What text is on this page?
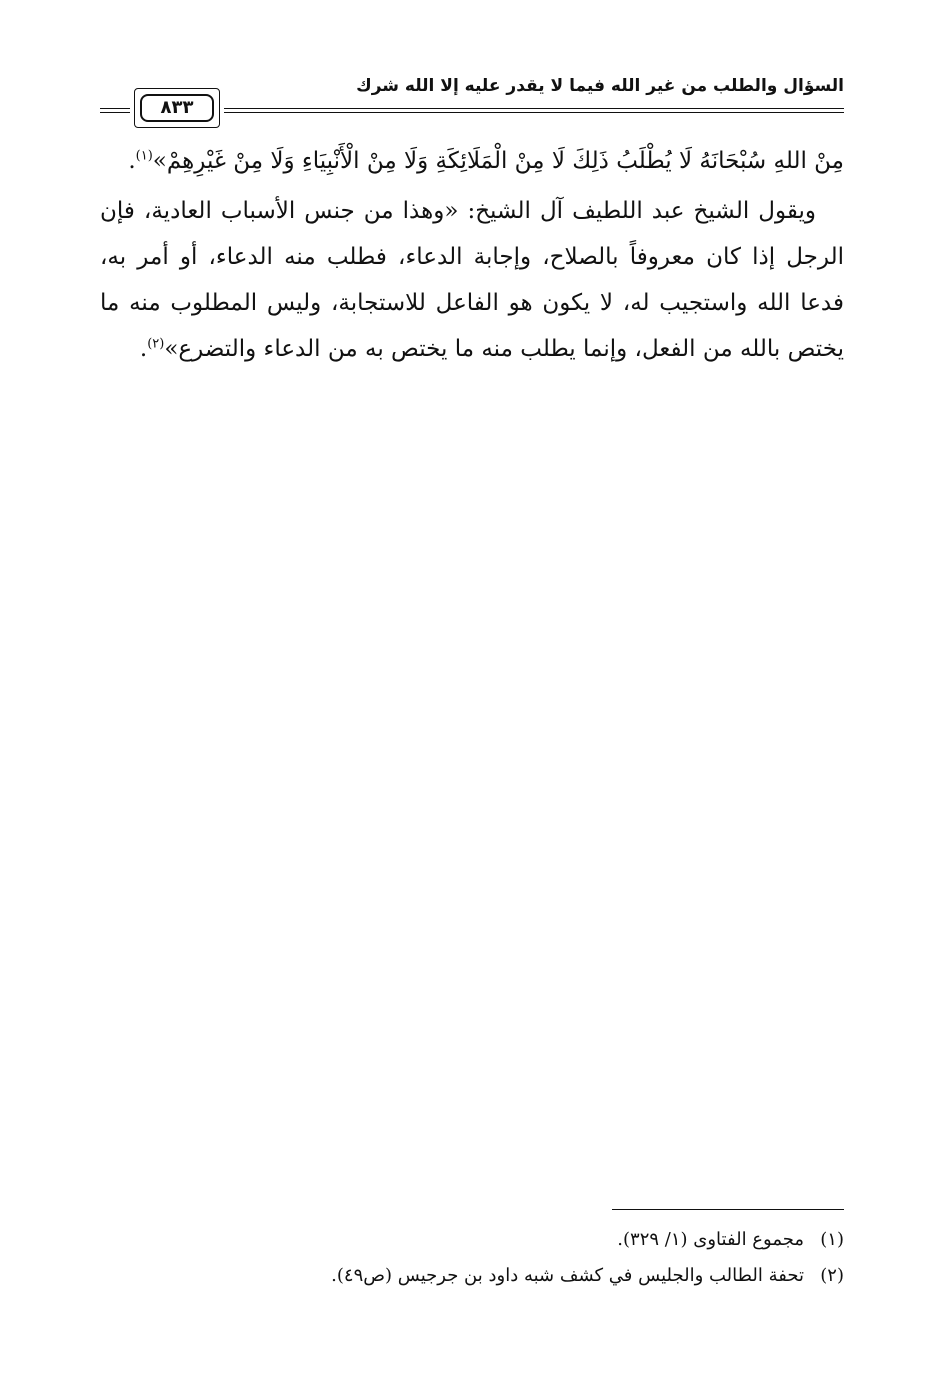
السؤال والطلب من غير الله فيما لا يقدر عليه إلا الله شرك
٨٣٣

مِنْ اللهِ سُبْحَانَهُ لَا يُطْلَبُ ذَلِكَ لَا مِنْ الْمَلَائِكَةِ وَلَا مِنْ الْأَنْبِيَاءِ وَلَا مِنْ غَيْرِهِمْ»$^{(١)}$.

ويقول الشيخ عبد اللطيف آل الشيخ: «وهذا من جنس الأسباب العادية، فإن الرجل إذا كان معروفاً بالصلاح، وإجابة الدعاء، فطلب منه الدعاء، أو أمر به، فدعا الله واستجيب له، لا يكون هو الفاعل للاستجابة، وليس المطلوب منه ما يختص بالله من الفعل، وإنما يطلب منه ما يختص به من الدعاء والتضرع»$^{(٢)}$.

(١)
مجموع الفتاوى (١/ ٣٢٩).
(٢)
تحفة الطالب والجليس في كشف شبه داود بن جرجيس (ص٤٩).
